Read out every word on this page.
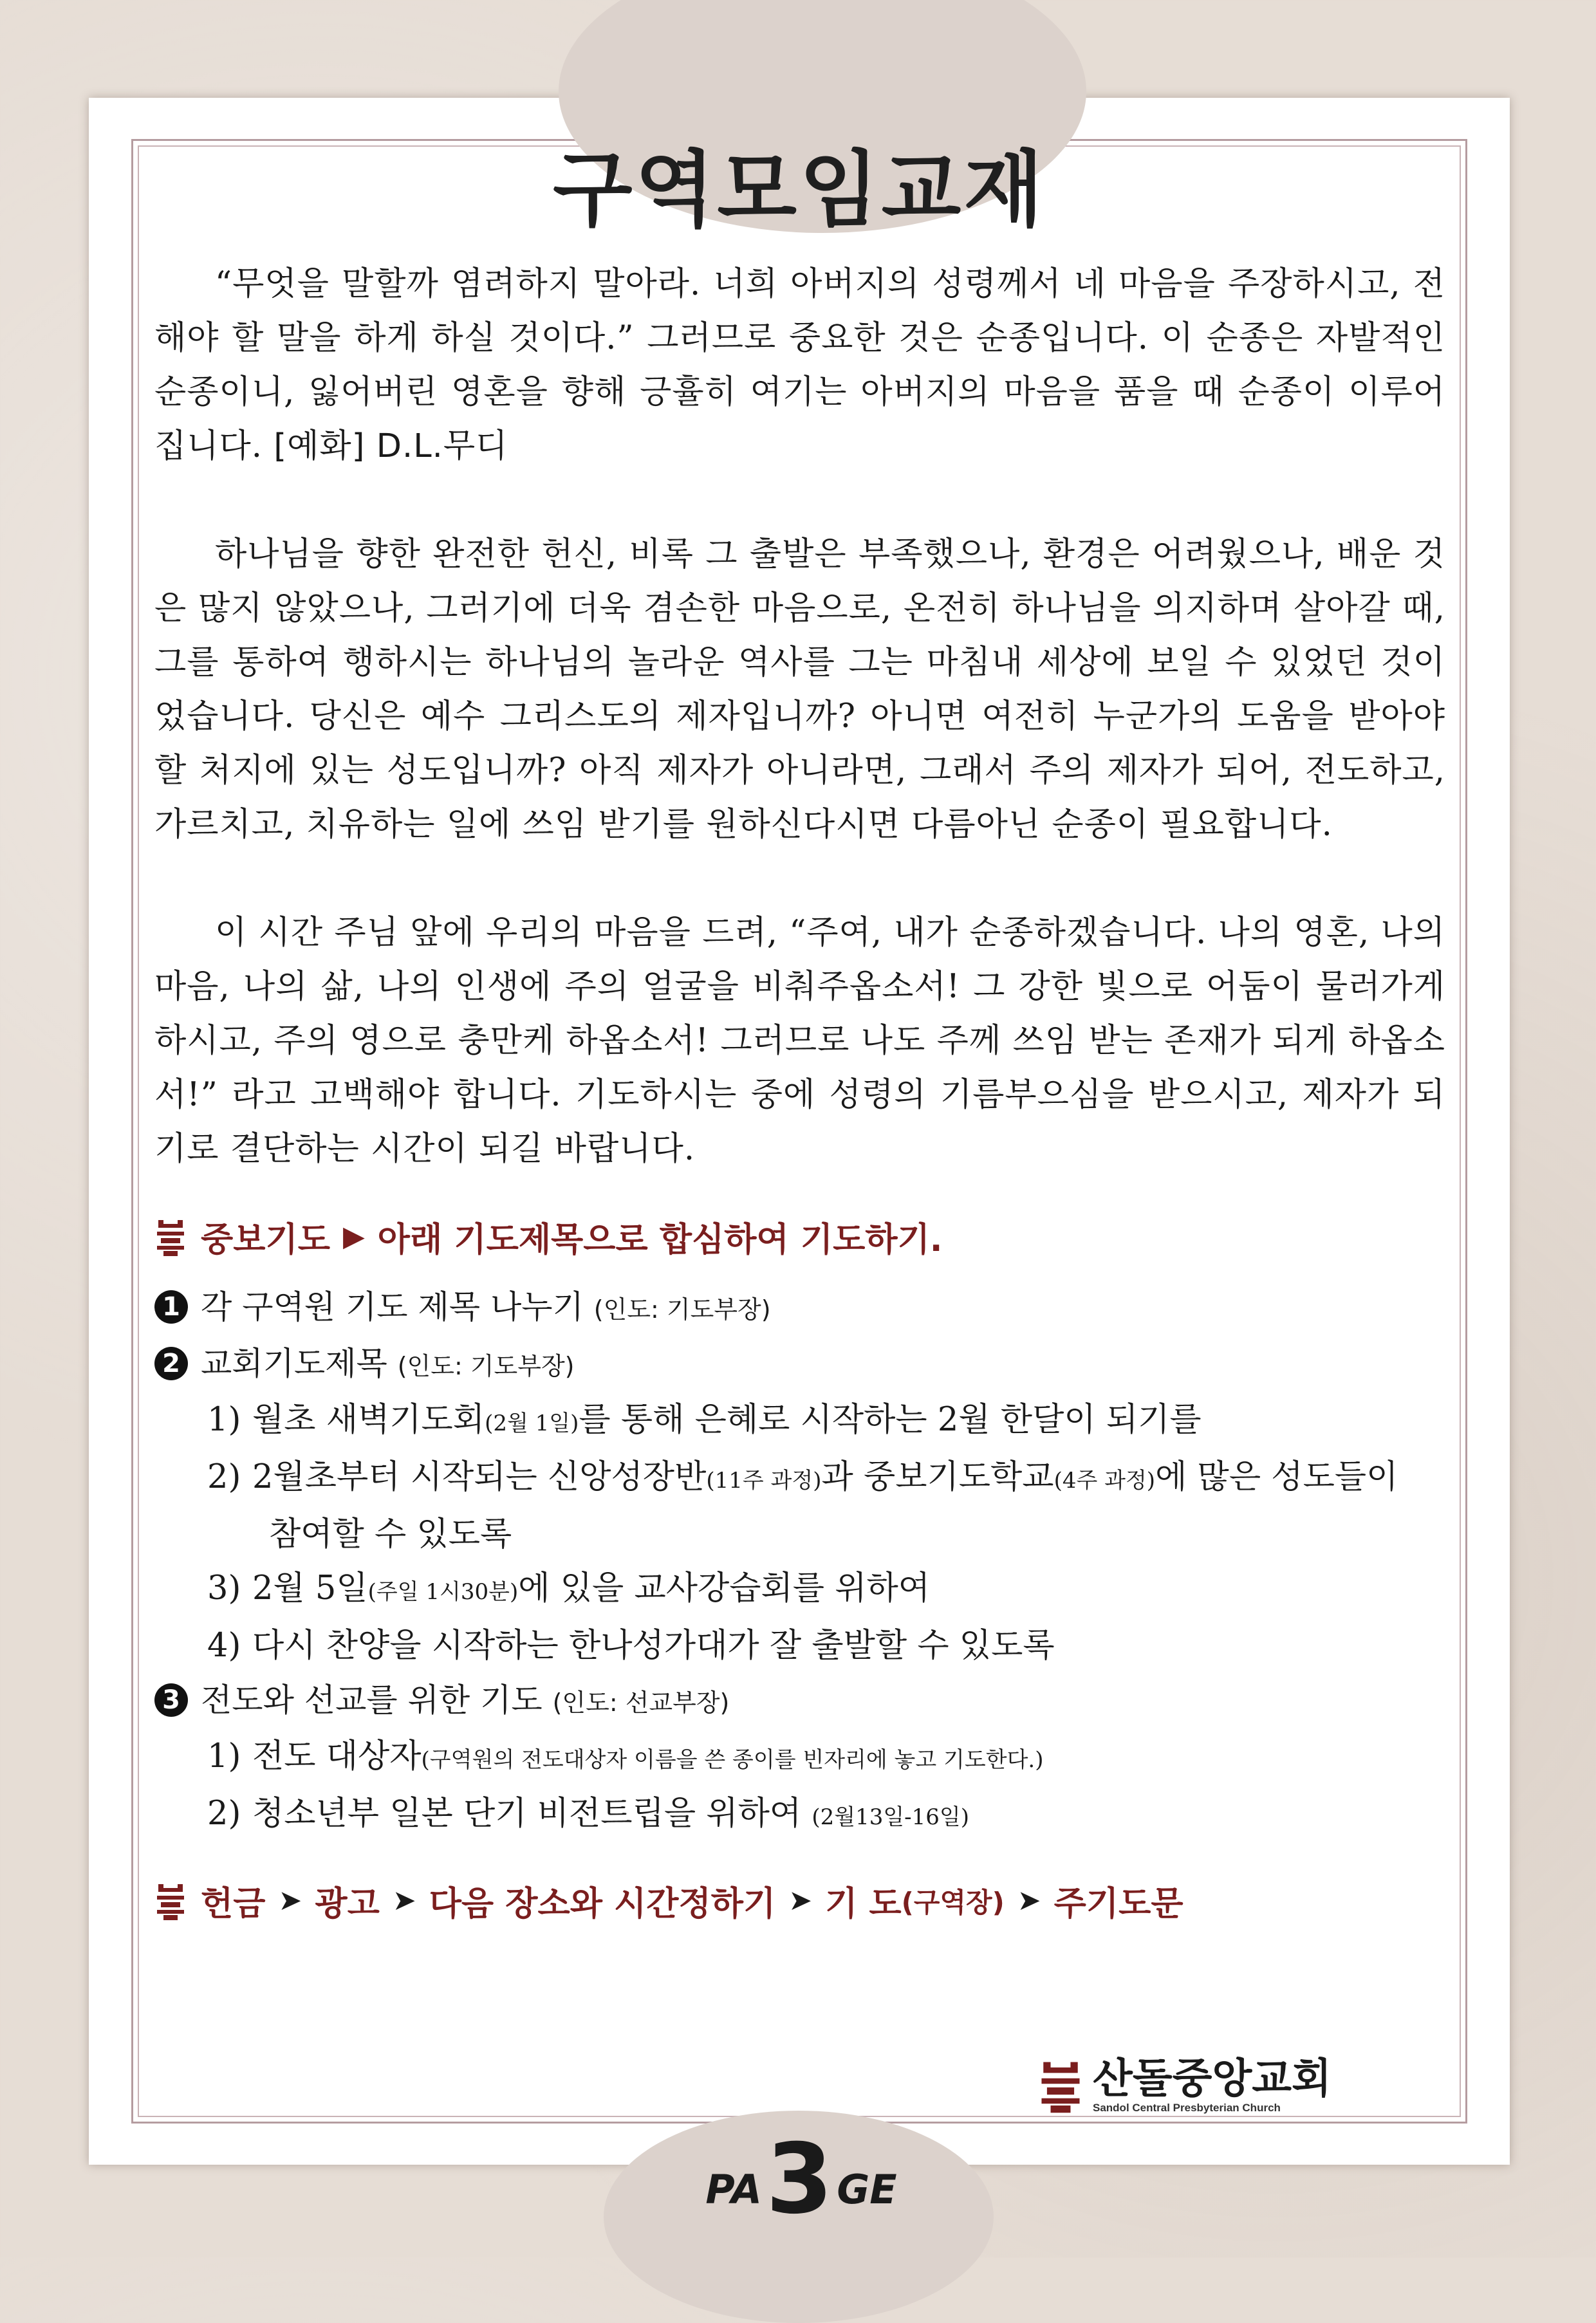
구역모임교재

“무엇을 말할까 염려하지 말아라. 너희 아버지의 성령께서 네 마음을 주장하시고, 전해야 할 말을 하게 하실 것이다.” 그러므로 중요한 것은 순종입니다. 이 순종은 자발적인 순종이니, 잃어버린 영혼을 향해 긍휼히 여기는 아버지의 마음을 품을 때 순종이 이루어집니다. [예화] D.L.무디

하나님을 향한 완전한 헌신, 비록 그 출발은 부족했으나, 환경은 어려웠으나, 배운 것은 많지 않았으나, 그러기에 더욱 겸손한 마음으로, 온전히 하나님을 의지하며 살아갈 때, 그를 통하여 행하시는 하나님의 놀라운 역사를 그는 마침내 세상에 보일 수 있었던 것이었습니다. 당신은 예수 그리스도의 제자입니까? 아니면 여전히 누군가의 도움을 받아야 할 처지에 있는 성도입니까? 아직 제자가 아니라면, 그래서 주의 제자가 되어, 전도하고, 가르치고, 치유하는 일에 쓰임 받기를 원하신다시면 다름아닌 순종이 필요합니다.

이 시간 주님 앞에 우리의 마음을 드려, “주여, 내가 순종하겠습니다. 나의 영혼, 나의 마음, 나의 삶, 나의 인생에 주의 얼굴을 비춰주옵소서! 그 강한 빛으로 어둠이 물러가게 하시고, 주의 영으로 충만케 하옵소서! 그러므로 나도 주께 쓰임 받는 존재가 되게 하옵소서!” 라고 고백해야 합니다. 기도하시는 중에 성령의 기름부으심을 받으시고, 제자가 되기로 결단하는 시간이 되길 바랍니다.

중보기도 ▶ 아래 기도제목으로 합심하여 기도하기.
1 각 구역원 기도 제목 나누기 (인도: 기도부장)
2 교회기도제목 (인도: 기도부장)
1) 월초 새벽기도회(2월 1일)를 통해 은혜로 시작하는 2월 한달이 되기를
2) 2월초부터 시작되는 신앙성장반(11주 과정)과 중보기도학교(4주 과정)에 많은 성도들이
참여할 수 있도록
3) 2월 5일(주일 1시30분)에 있을 교사강습회를 위하여
4) 다시 찬양을 시작하는 한나성가대가 잘 출발할 수 있도록
3 전도와 선교를 위한 기도 (인도: 선교부장)
1) 전도 대상자(구역원의 전도대상자 이름을 쓴 종이를 빈자리에 놓고 기도한다.)
2) 청소년부 일본 단기 비전트립을 위하여 (2월13일-16일)
헌금 ➤ 광고 ➤ 다음 장소와 시간정하기 ➤ 기 도 (구역장) ➤ 주기도문
산돌중앙교회
Sandol Central Presbyterian Church
PA3GE
